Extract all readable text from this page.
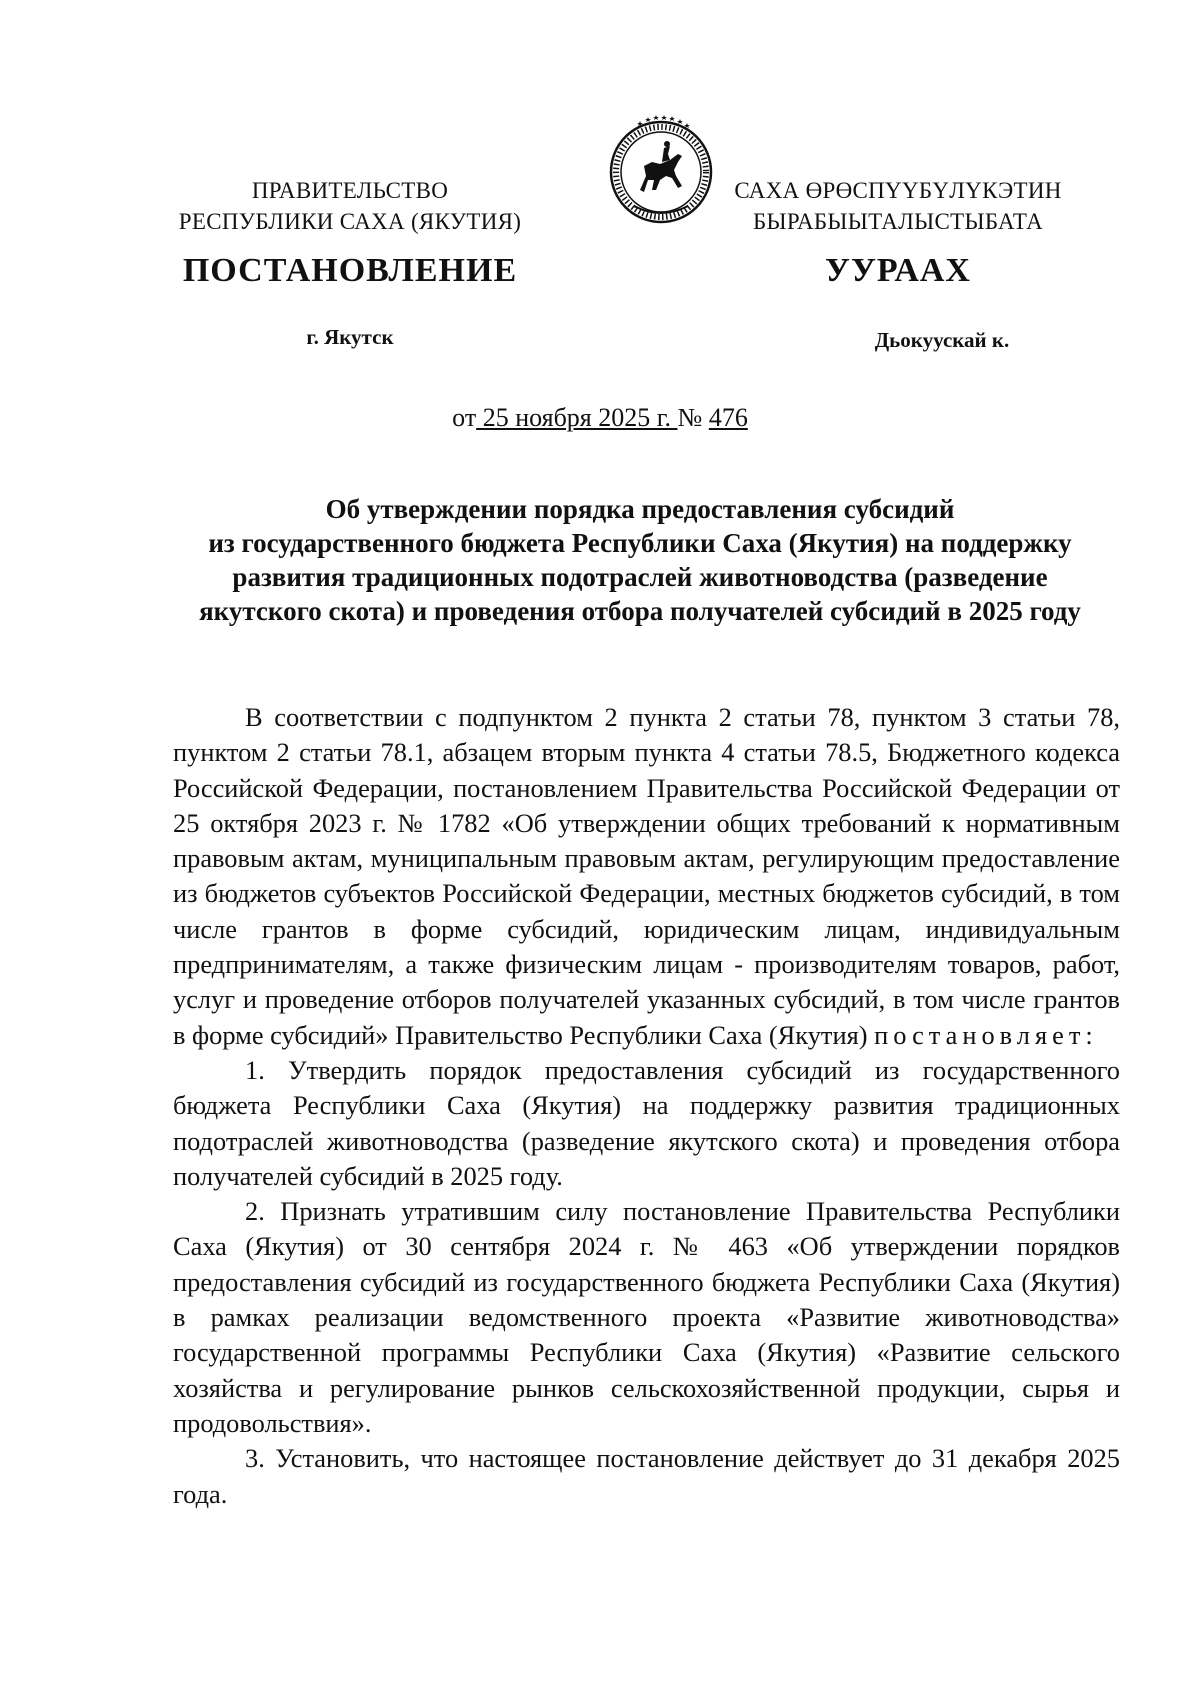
ПРАВИТЕЛЬСТВО
РЕСПУБЛИКИ САХА (ЯКУТИЯ)
САХА ӨРӨСПҮҮБҮЛҮКЭТИН
БЫРАБЫЫТАЛЫСТЫБАТА
ПОСТАНОВЛЕНИЕ	УУРААХ
г. Якутск	Дьокуускай к.
от 25 ноября 2025 г. № 476
Об утверждении порядка предоставления субсидий
из государственного бюджета Республики Саха (Якутия) на поддержку
развития традиционных подотраслей животноводства (разведение
якутского скота) и проведения отбора получателей субсидий в 2025 году

В соответствии с подпунктом 2 пункта 2 статьи 78, пунктом 3 статьи 78, пунктом 2 статьи 78.1, абзацем вторым пункта 4 статьи 78.5, Бюджетного кодекса Российской Федерации, постановлением Правительства Российской Федерации от 25 октября 2023 г. № 1782 «Об утверждении общих требований к нормативным правовым актам, муниципальным правовым актам, регулирующим предоставление из бюджетов субъектов Российской Федерации, местных бюджетов субсидий, в том числе грантов в форме субсидий, юридическим лицам, индивидуальным предпринимателям, а также физическим лицам - производителям товаров, работ, услуг и проведение отборов получателей указанных субсидий, в том числе грантов в форме субсидий» Правительство Республики Саха (Якутия) постановляет:

1. Утвердить порядок предоставления субсидий из государственного бюджета Республики Саха (Якутия) на поддержку развития традиционных подотраслей животноводства (разведение якутского скота) и проведения отбора получателей субсидий в 2025 году.

2. Признать утратившим силу постановление Правительства Республики Саха (Якутия) от 30 сентября 2024 г. № 463 «Об утверждении порядков предоставления субсидий из государственного бюджета Республики Саха (Якутия) в рамках реализации ведомственного проекта «Развитие животноводства» государственной программы Республики Саха (Якутия) «Развитие сельского хозяйства и регулирование рынков сельскохозяйственной продукции, сырья и продовольствия».

3. Установить, что настоящее постановление действует до 31 декабря 2025 года.
